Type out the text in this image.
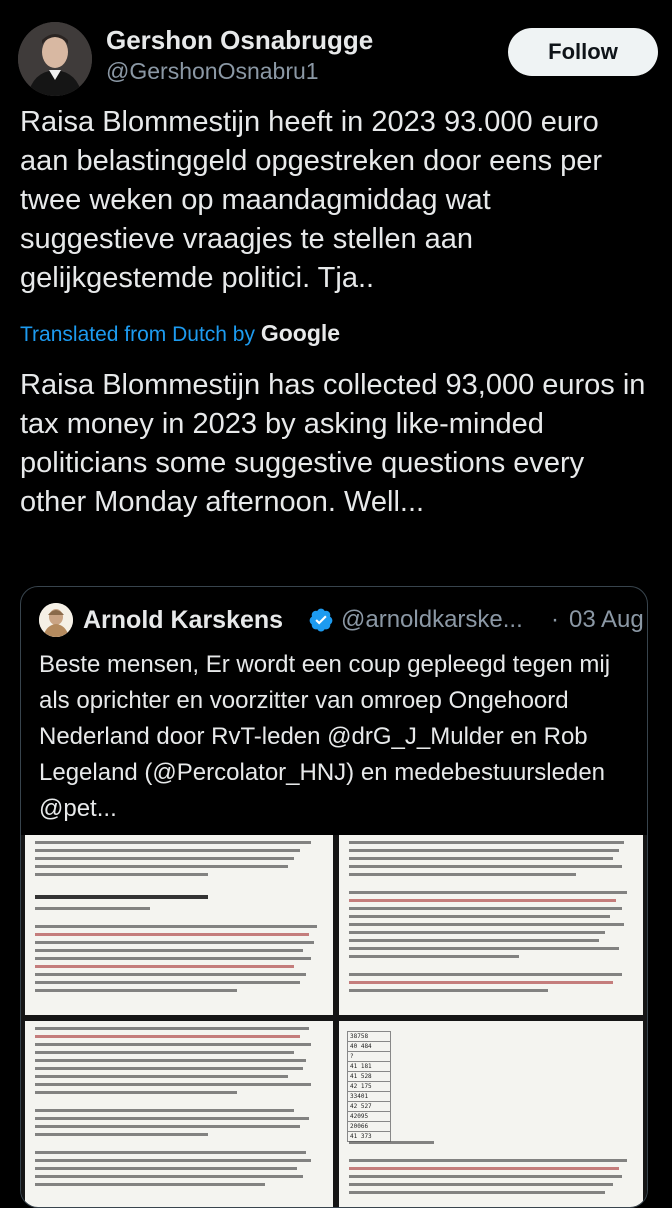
Gershon Osnabrugge
@GershonOsnabru1
Follow
Raisa Blommestijn heeft in 2023 93.000 euro aan belastinggeld opgestreken door eens per twee weken op maandagmiddag wat suggestieve vraagjes te stellen aan gelijkgestemde politici. Tja..
Translated from Dutch by Google
Raisa Blommestijn has collected 93,000 euros in tax money in 2023 by asking like-minded politicians some suggestive questions every other Monday afternoon. Well...
Arnold Karskens @arnoldkarske... · 03 Aug
Beste mensen, Er wordt een coup gepleegd tegen mij als oprichter en voorzitter van omroep Ongehoord Nederland door RvT-leden @drG_J_Mulder en Rob Legeland (@Percolator_HNJ) en medebestuursleden @pet...
38758
40 484
?
41 181
41 528
42 175
33401
42 527
42095
20066
41 373
